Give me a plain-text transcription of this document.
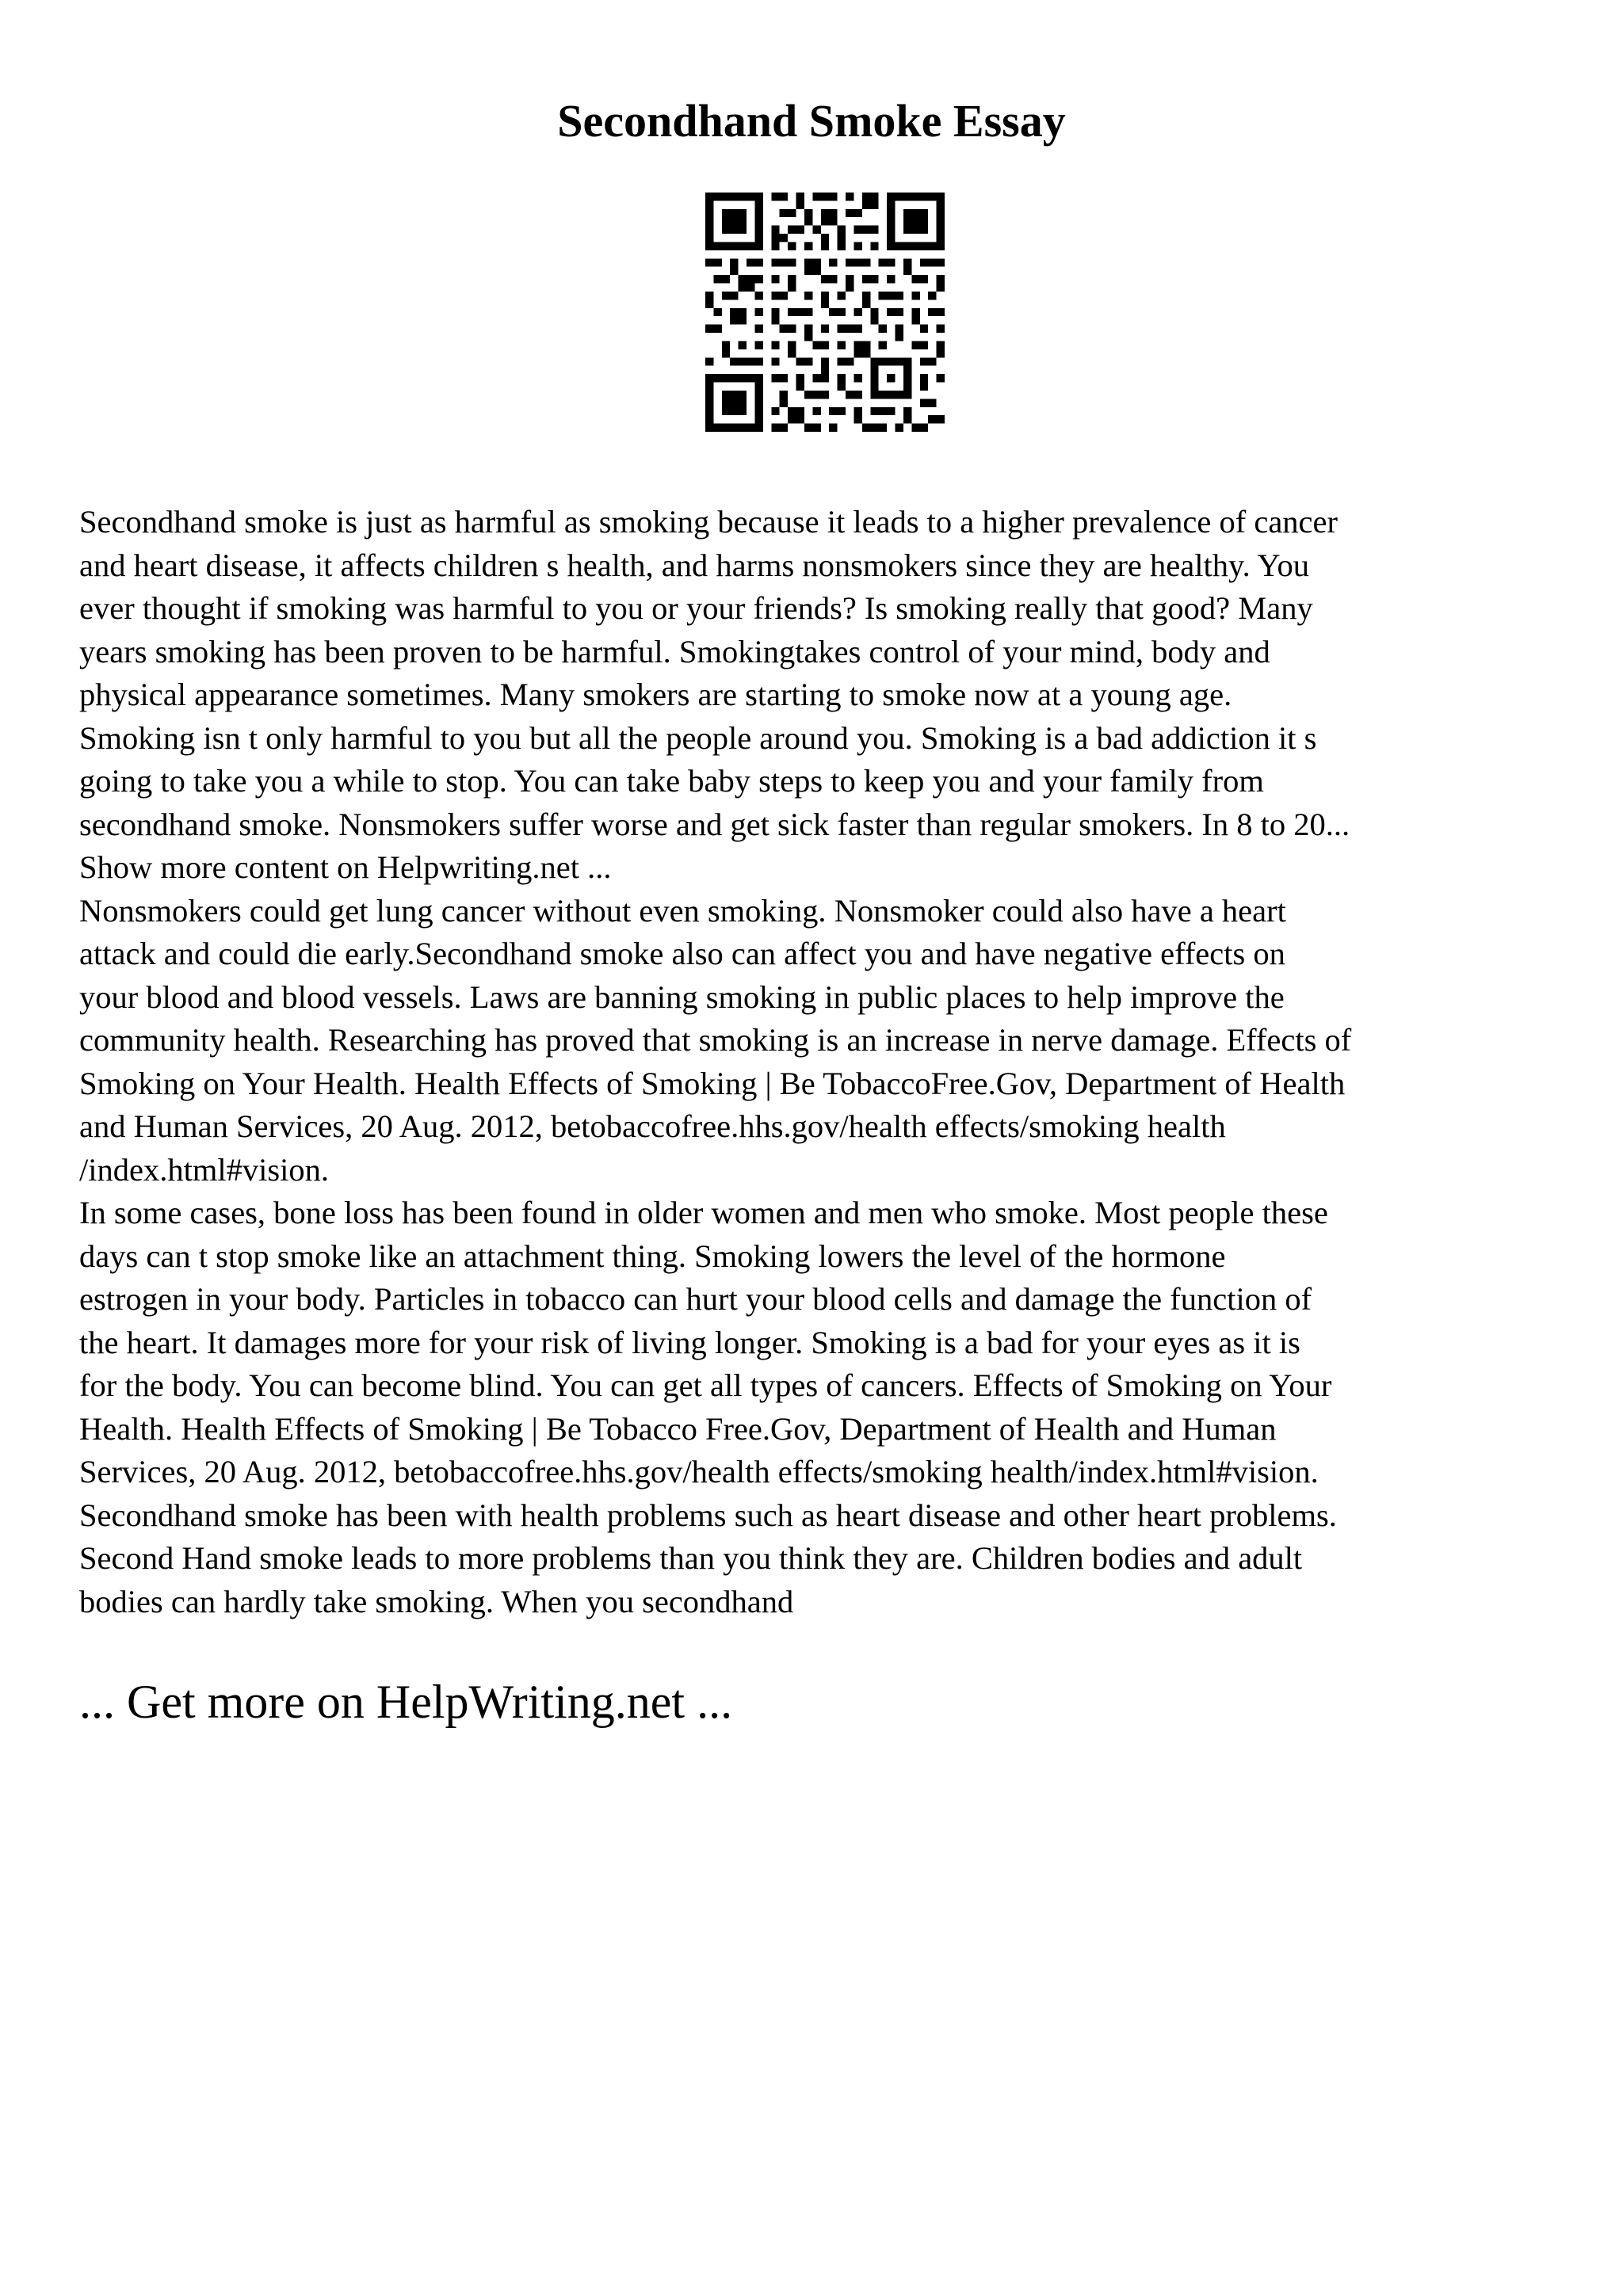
Secondhand Smoke Essay

Secondhand smoke is just as harmful as smoking because it leads to a higher prevalence of cancer
and heart disease, it affects children s health, and harms nonsmokers since they are healthy. You
ever thought if smoking was harmful to you or your friends? Is smoking really that good? Many
years smoking has been proven to be harmful. Smokingtakes control of your mind, body and
physical appearance sometimes. Many smokers are starting to smoke now at a young age.
Smoking isn t only harmful to you but all the people around you. Smoking is a bad addiction it s
going to take you a while to stop. You can take baby steps to keep you and your family from
secondhand smoke. Nonsmokers suffer worse and get sick faster than regular smokers. In 8 to 20...
Show more content on Helpwriting.net ...

Nonsmokers could get lung cancer without even smoking. Nonsmoker could also have a heart
attack and could die early.Secondhand smoke also can affect you and have negative effects on
your blood and blood vessels. Laws are banning smoking in public places to help improve the
community health. Researching has proved that smoking is an increase in nerve damage. Effects of
Smoking on Your Health. Health Effects of Smoking | Be TobaccoFree.Gov, Department of Health
and Human Services, 20 Aug. 2012, betobaccofree.hhs.gov/health effects/smoking health
/index.html#vision.

In some cases, bone loss has been found in older women and men who smoke. Most people these
days can t stop smoke like an attachment thing. Smoking lowers the level of the hormone
estrogen in your body. Particles in tobacco can hurt your blood cells and damage the function of
the heart. It damages more for your risk of living longer. Smoking is a bad for your eyes as it is
for the body. You can become blind. You can get all types of cancers. Effects of Smoking on Your
Health. Health Effects of Smoking | Be Tobacco Free.Gov, Department of Health and Human
Services, 20 Aug. 2012, betobaccofree.hhs.gov/health effects/smoking health/index.html#vision.
Secondhand smoke has been with health problems such as heart disease and other heart problems.
Second Hand smoke leads to more problems than you think they are. Children bodies and adult
bodies can hardly take smoking. When you secondhand

... Get more on HelpWriting.net ...
